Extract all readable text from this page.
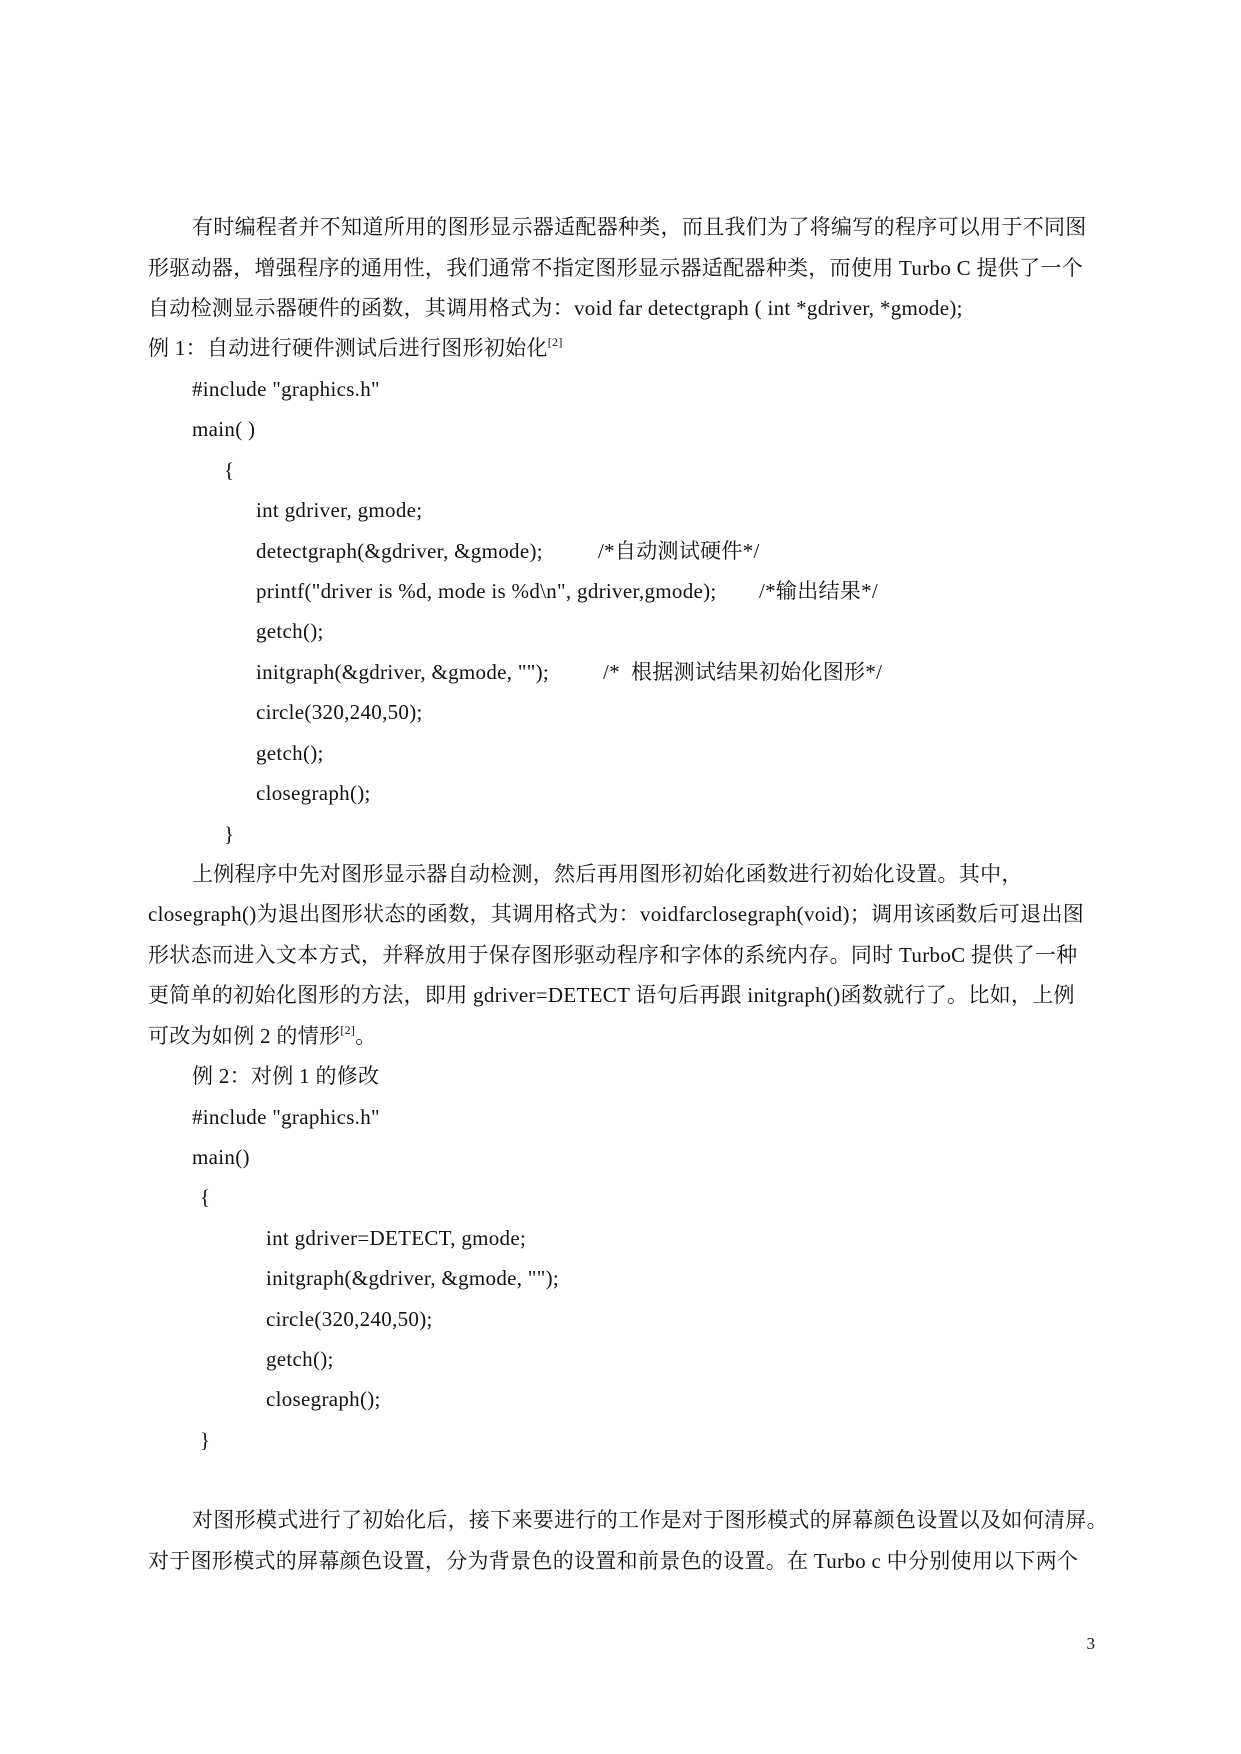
有时编程者并不知道所用的图形显示器适配器种类，而且我们为了将编写的程序可以用于不同图
形驱动器，增强程序的通用性，我们通常不指定图形显示器适配器种类，而使用 Turbo C 提供了一个
自动检测显示器硬件的函数，其调用格式为：void far detectgraph ( int *gdriver, *gmode);
例 1：自动进行硬件测试后进行图形初始化[2]
#include "graphics.h"
main( )
{
int gdriver, gmode;
detectgraph(&gdriver, &gmode);	/*自动测试硬件*/
printf("driver is %d, mode is %d\n", gdriver,gmode); /*输出结果*/
getch();
initgraph(&gdriver, &gmode, "");	/*  根据测试结果初始化图形*/
circle(320,240,50);
getch();
closegraph();
}
上例程序中先对图形显示器自动检测，然后再用图形初始化函数进行初始化设置。其中，
closegraph()为退出图形状态的函数，其调用格式为：voidfarclosegraph(void)；调用该函数后可退出图
形状态而进入文本方式，并释放用于保存图形驱动程序和字体的系统内存。同时 TurboC 提供了一种
更简单的初始化图形的方法，即用 gdriver=DETECT 语句后再跟 initgraph()函数就行了。比如，上例
可改为如例 2 的情形[2]。
例 2：对例 1 的修改
#include "graphics.h"
main()
{
int gdriver=DETECT, gmode;
initgraph(&gdriver, &gmode, "");
circle(320,240,50);
getch();
closegraph();
}
对图形模式进行了初始化后，接下来要进行的工作是对于图形模式的屏幕颜色设置以及如何清屏。
对于图形模式的屏幕颜色设置，分为背景色的设置和前景色的设置。在 Turbo c 中分别使用以下两个
3
